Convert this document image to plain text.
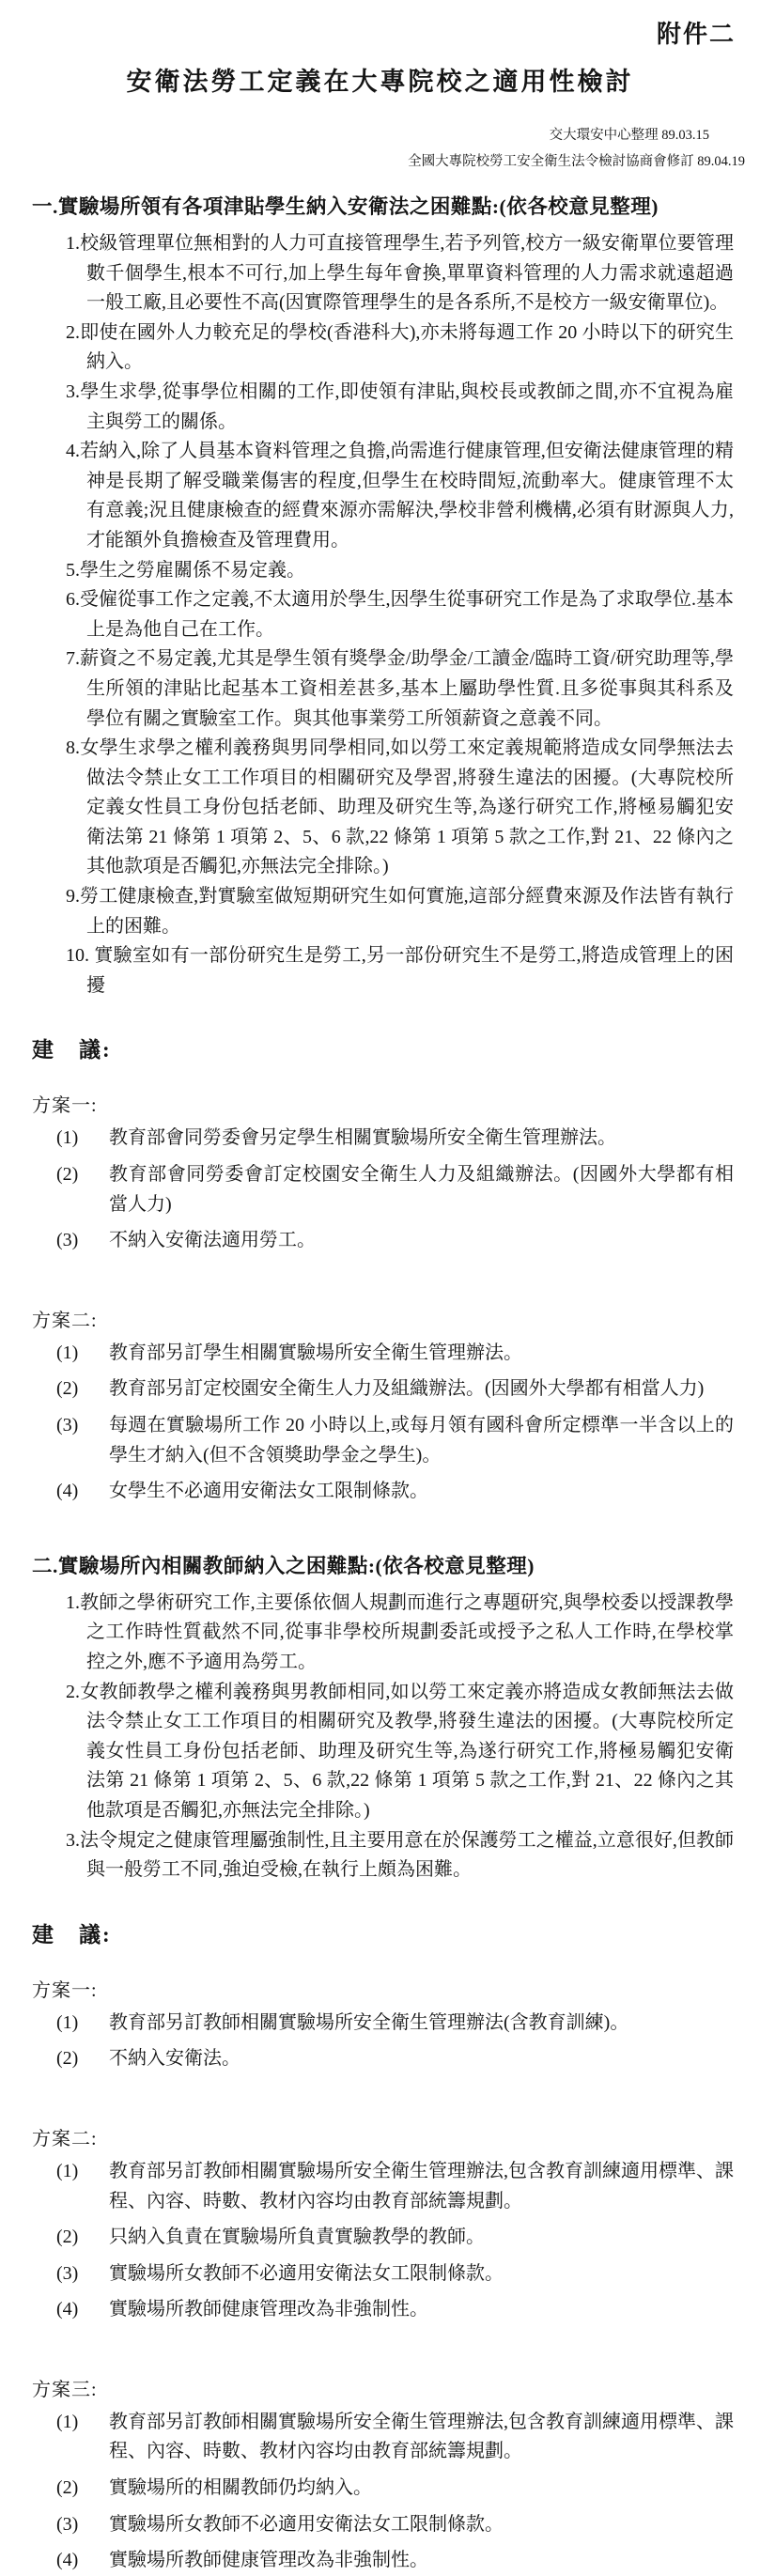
附件二
安衛法勞工定義在大專院校之適用性檢討
交大環安中心整理 89.03.15
全國大專院校勞工安全衛生法令檢討協商會修訂 89.04.19
一.實驗場所領有各項津貼學生納入安衛法之困難點:(依各校意見整理)
1.校級管理單位無相對的人力可直接管理學生,若予列管,校方一級安衛單位要管理數千個學生,根本不可行,加上學生每年會換,單單資料管理的人力需求就遠超過一般工廠,且必要性不高(因實際管理學生的是各系所,不是校方一級安衛單位)。
2.即使在國外人力較充足的學校(香港科大),亦未將每週工作 20 小時以下的研究生納入。
3.學生求學,從事學位相關的工作,即使領有津貼,與校長或教師之間,亦不宜視為雇主與勞工的關係。
4.若納入,除了人員基本資料管理之負擔,尚需進行健康管理,但安衛法健康管理的精神是長期了解受職業傷害的程度,但學生在校時間短,流動率大。健康管理不太有意義;況且健康檢查的經費來源亦需解決,學校非營利機構,必須有財源與人力,才能額外負擔檢查及管理費用。
5.學生之勞雇關係不易定義。
6.受僱從事工作之定義,不太適用於學生,因學生從事研究工作是為了求取學位.基本上是為他自己在工作。
7.薪資之不易定義,尤其是學生領有獎學金/助學金/工讀金/臨時工資/研究助理等,學生所領的津貼比起基本工資相差甚多,基本上屬助學性質.且多從事與其科系及學位有關之實驗室工作。與其他事業勞工所領薪資之意義不同。
8.女學生求學之權利義務與男同學相同,如以勞工來定義規範將造成女同學無法去做法令禁止女工工作項目的相關研究及學習,將發生違法的困擾。(大專院校所定義女性員工身份包括老師、助理及研究生等,為遂行研究工作,將極易觸犯安衛法第 21 條第 1 項第 2、5、6 款,22 條第 1 項第 5 款之工作,對 21、22 條內之其他款項是否觸犯,亦無法完全排除。)
9.勞工健康檢查,對實驗室做短期研究生如何實施,這部分經費來源及作法皆有執行上的困難。
10. 實驗室如有一部份研究生是勞工,另一部份研究生不是勞工,將造成管理上的困擾
建　議:
方案一:
(1)	教育部會同勞委會另定學生相關實驗場所安全衛生管理辦法。
(2)	教育部會同勞委會訂定校園安全衛生人力及組織辦法。(因國外大學都有相當人力)
(3)	不納入安衛法適用勞工。
方案二:
(1)	教育部另訂學生相關實驗場所安全衛生管理辦法。
(2)	教育部另訂定校園安全衛生人力及組織辦法。(因國外大學都有相當人力)
(3)	每週在實驗場所工作 20 小時以上,或每月領有國科會所定標準一半含以上的學生才納入(但不含領獎助學金之學生)。
(4)	女學生不必適用安衛法女工限制條款。
二.實驗場所內相關教師納入之困難點:(依各校意見整理)
1.教師之學術研究工作,主要係依個人規劃而進行之專題研究,與學校委以授課教學之工作時性質截然不同,從事非學校所規劃委託或授予之私人工作時,在學校掌控之外,應不予適用為勞工。
2.女教師教學之權利義務與男教師相同,如以勞工來定義亦將造成女教師無法去做法令禁止女工工作項目的相關研究及教學,將發生違法的困擾。(大專院校所定義女性員工身份包括老師、助理及研究生等,為遂行研究工作,將極易觸犯安衛法第 21 條第 1 項第 2、5、6 款,22 條第 1 項第 5 款之工作,對 21、22 條內之其他款項是否觸犯,亦無法完全排除。)
3.法令規定之健康管理屬強制性,且主要用意在於保護勞工之權益,立意很好,但教師與一般勞工不同,強迫受檢,在執行上頗為困難。
建　議:
方案一:
(1)	教育部另訂教師相關實驗場所安全衛生管理辦法(含教育訓練)。
(2)	不納入安衛法。
方案二:
(1)	教育部另訂教師相關實驗場所安全衛生管理辦法,包含教育訓練適用標準、課程、內容、時數、教材內容均由教育部統籌規劃。
(2)	只納入負責在實驗場所負責實驗教學的教師。
(3)	實驗場所女教師不必適用安衛法女工限制條款。
(4)	實驗場所教師健康管理改為非強制性。
方案三:
(1)	教育部另訂教師相關實驗場所安全衛生管理辦法,包含教育訓練適用標準、課程、內容、時數、教材內容均由教育部統籌規劃。
(2)	實驗場所的相關教師仍均納入。
(3)	實驗場所女教師不必適用安衛法女工限制條款。
(4)	實驗場所教師健康管理改為非強制性。
